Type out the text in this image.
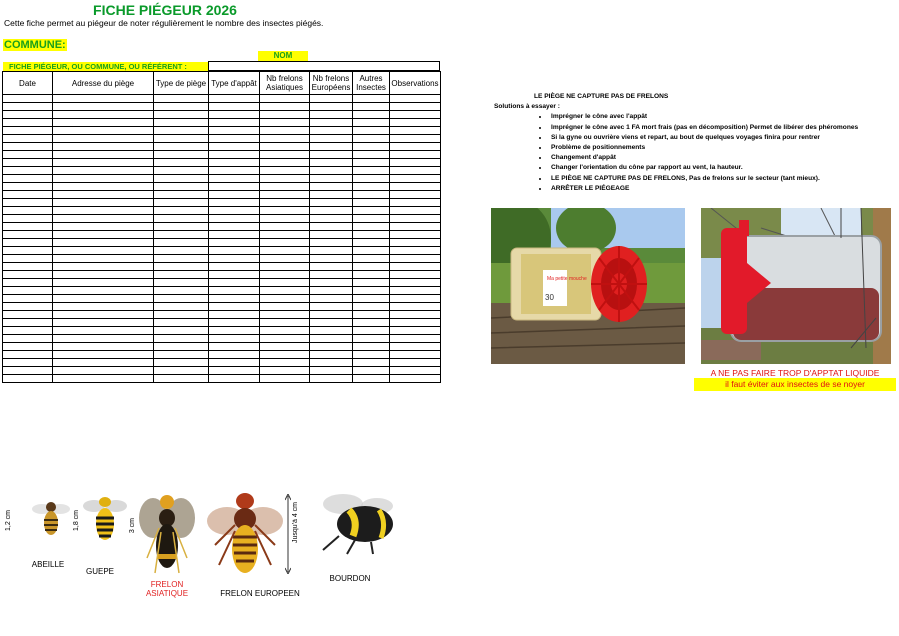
FICHE PIÉGEUR 2026
Cette fiche permet au piégeur de noter régulièrement le nombre des insectes piégés.
COMMUNE:
NOM
FICHE PIÉGEUR, OU COMMUNE, OU RÉFÉRENT :
Date	Adresse du piège	Type de piège	Type d'appât	Nb frelons Asiatiques	Nb frelons Européens	Autres Insectes	Observations

LE PIÈGE NE CAPTURE PAS DE FRELONS
Solutions à essayer :
• Imprégner le cône avec l'appât
• Imprégner le cône avec 1 FA mort frais (pas en décomposition) Permet de libérer des phéromones
• Si la gyne ou ouvrière viens et repart, au bout de quelques voyages finira pour rentrer
• Problème de positionnements
• Changement d'appât
• Changer l'orientation du cône par rapport au vent, la hauteur.
• LE PIÈGE NE CAPTURE PAS DE FRELONS, Pas de frelons sur le secteur (tant mieux).
• ARRÊTER LE PIÉGEAGE
Ma petite mouche
30
A NE PAS FAIRE TROP D'APPTAT LIQUIDE
il faut éviter aux insectes de se noyer
1,2 cm
ABEILLE
1,8 cm
GUEPE
3 cm
FRELON
ASIATIQUE
Jusqu'à 4 cm
FRELON EUROPEEN
BOURDON
